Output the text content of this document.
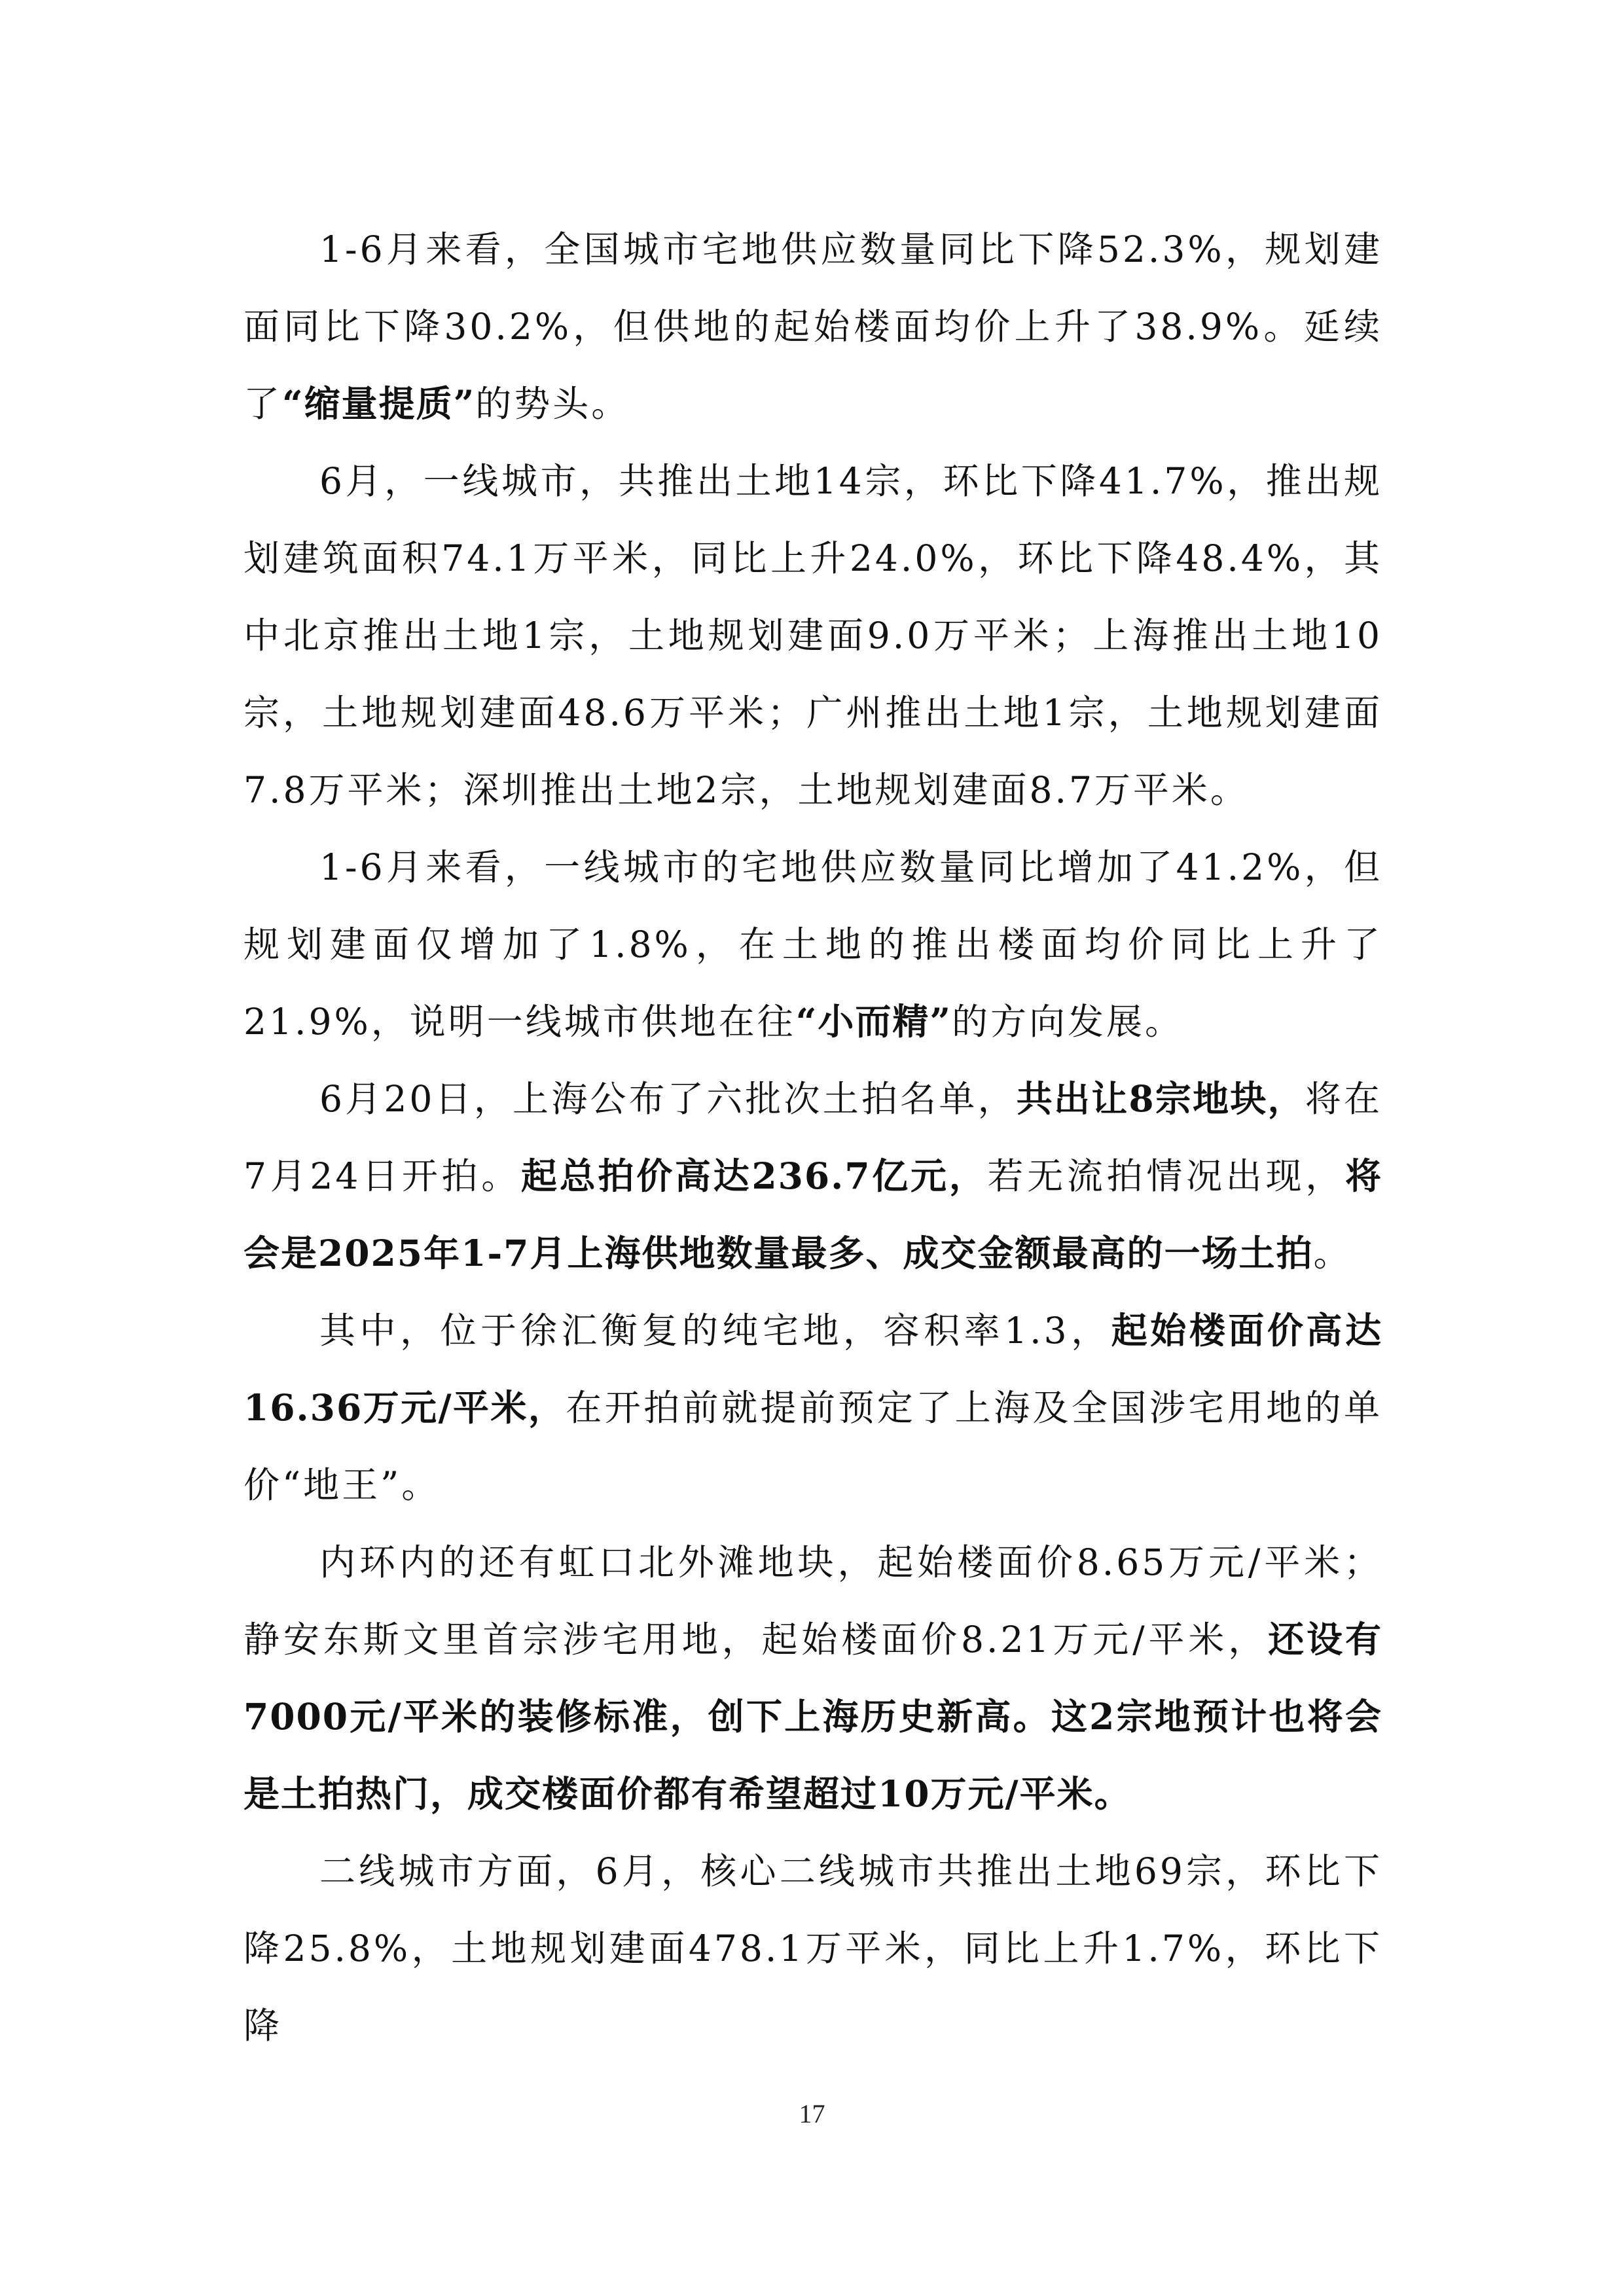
1-6月来看，全国城市宅地供应数量同比下降52.3%，规划建面同比下降30.2%，但供地的起始楼面均价上升了38.9%。延续了“缩量提质”的势头。

6月，一线城市，共推出土地14宗，环比下降41.7%，推出规划建筑面积74.1万平米，同比上升24.0%，环比下降48.4%，其中北京推出土地1宗，土地规划建面9.0万平米；上海推出土地10宗，土地规划建面48.6万平米；广州推出土地1宗，土地规划建面7.8万平米；深圳推出土地2宗，土地规划建面8.7万平米。

1-6月来看，一线城市的宅地供应数量同比增加了41.2%，但规划建面仅增加了1.8%，在土地的推出楼面均价同比上升了21.9%，说明一线城市供地在往“小而精”的方向发展。

6月20日，上海公布了六批次土拍名单，共出让8宗地块，将在7月24日开拍。起总拍价高达236.7亿元，若无流拍情况出现，将会是2025年1-7月上海供地数量最多、成交金额最高的一场土拍。

其中，位于徐汇衡复的纯宅地，容积率1.3，起始楼面价高达16.36万元/平米，在开拍前就提前预定了上海及全国涉宅用地的单价“地王”。

内环内的还有虹口北外滩地块，起始楼面价8.65万元/平米；静安东斯文里首宗涉宅用地，起始楼面价8.21万元/平米，还设有7000元/平米的装修标准，创下上海历史新高。这2宗地预计也将会是土拍热门，成交楼面价都有希望超过10万元/平米。

二线城市方面，6月，核心二线城市共推出土地69宗，环比下降25.8%，土地规划建面478.1万平米，同比上升1.7%，环比下降

17
